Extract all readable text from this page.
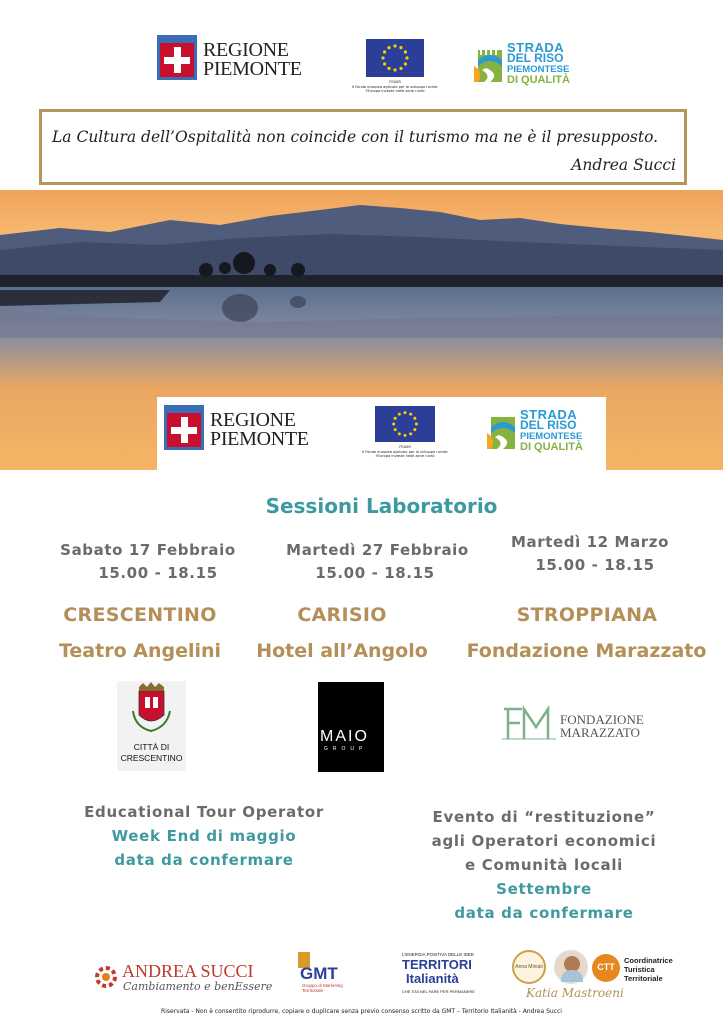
REGIONE
PIEMONTE
FEASR
Il Fondo europeo agricolo per lo sviluppo rurale:
l'Europa investe nelle zone rurali
STRADA
DEL RISO
PIEMONTESE
DI QUALITÀ
La Cultura dell’Ospitalità non coincide con il turismo ma ne è il presupposto.
Andrea Succi
REGIONE
PIEMONTE	FEASR
Il Fondo europeo agricolo per lo sviluppo rurale:
l'Europa investe nelle zone rurali
STRADA
DEL RISO
PIEMONTESE
DI QUALITÀ
Sessioni Laboratorio
Sabato 17 Febbraio
15.00 - 18.15
CRESCENTINO
Teatro Angelini
Martedì 27 Febbraio
15.00 - 18.15
CARISIO
Hotel all’Angolo
Martedì 12 Marzo
15.00 - 18.15
STROPPIANA
Fondazione Marazzato
CITTÀ DI
CRESCENTINO
MAIO
GROUP
FONDAZIONE
MARAZZATO
Educational Tour Operator
Week End di maggio
data da confermare
Evento di “restituzione”
agli Operatori economici
e Comunità locali
Settembre
data da confermare
ANDREA SUCCI
Cambiamento e benEssere
GMT
Gruppo di Marketing Territoriale
L'ENERGIA POSITIVA DELLE IDEE
TERRITORI
Italianità
CHE STA NEL FARE PER PERMANERE
Anna Miniati	CTT
Coordinatrice
Turistica
Territoriale
Katia Mastroeni
Riservata - Non è consentito riprodurre, copiare o duplicare senza previo consenso scritto da GMT – Territorio Italianità - Andrea Succi
